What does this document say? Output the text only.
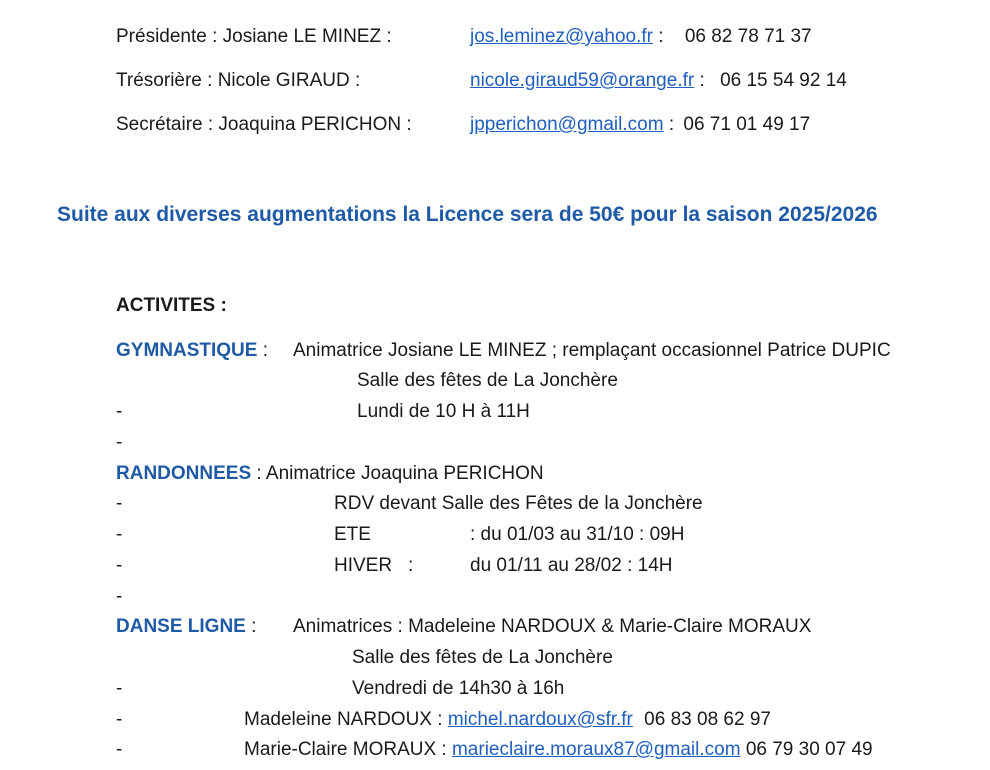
Présidente : Josiane LE MINEZ :	jos.leminez@yahoo.fr : 06 82 78 71 37
Trésorière : Nicole GIRAUD :	nicole.giraud59@orange.fr : 06 15 54 92 14
Secrétaire : Joaquina PERICHON :	jpperichon@gmail.com : 06 71 01 49 17
Suite aux diverses augmentations la Licence sera de 50€ pour la saison 2025/2026
ACTIVITES :
GYMNASTIQUE : Animatrice Josiane LE MINEZ ; remplaçant occasionnel Patrice DUPIC
Salle des fêtes de La Jonchère
-	Lundi de 10 H à 11H
-
RANDONNEES : Animatrice Joaquina PERICHON
-	RDV devant Salle des Fêtes de la Jonchère
-	ETE	: du 01/03 au 31/10 : 09H
-	HIVER :	du 01/11 au 28/02 : 14H
-
DANSE LIGNE : Animatrices : Madeleine NARDOUX & Marie-Claire MORAUX
Salle des fêtes de La Jonchère
-	Vendredi de 14h30 à 16h
-	Madeleine NARDOUX : michel.nardoux@sfr.fr 06 83 08 62 97
-	Marie-Claire MORAUX : marieclaire.moraux87@gmail.com 06 79 30 07 49
